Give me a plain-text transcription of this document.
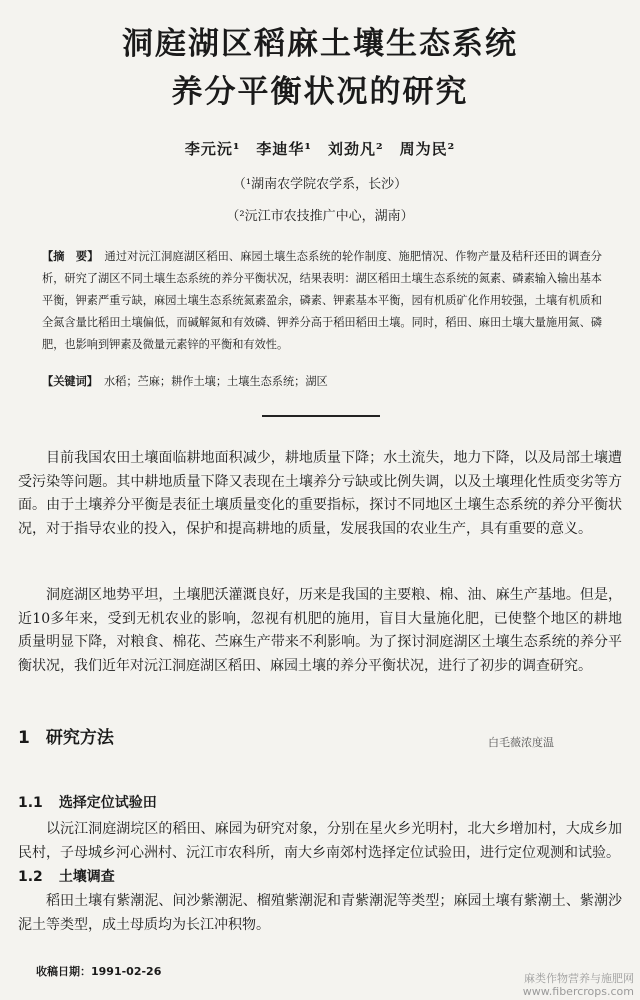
洞庭湖区稻麻土壤生态系统
养分平衡状况的研究
李元沅¹　李迪华¹　刘劲凡²　周为民²
（¹湖南农学院农学系，长沙）
（²沅江市农技推广中心，湖南）
【摘　要】 通过对沅江洞庭湖区稻田、麻园土壤生态系统的轮作制度、施肥情况、作物产量及秸秆还田的调查分析，研究了湖区不同土壤生态系统的养分平衡状况，结果表明：湖区稻田土壤生态系统的氮素、磷素输入输出基本平衡，钾素严重亏缺，麻园土壤生态系统氮素盈余，磷素、钾素基本平衡，园有机质矿化作用较强，土壤有机质和全氮含量比稻田土壤偏低，而碱解氮和有效磷、钾养分高于稻田稻田土壤。同时，稻田、麻田土壤大量施用氮、磷肥，也影响到钾素及微量元素锌的平衡和有效性。
【关键词】 水稻；苎麻；耕作土壤；土壤生态系统；湖区
目前我国农田土壤面临耕地面积减少，耕地质量下降；水土流失，地力下降，以及局部土壤遭受污染等问题。其中耕地质量下降又表现在土壤养分亏缺或比例失调，以及土壤理化性质变劣等方面。由于土壤养分平衡是表征土壤质量变化的重要指标，探讨不同地区土壤生态系统的养分平衡状况，对于指导农业的投入，保护和提高耕地的质量，发展我国的农业生产，具有重要的意义。
洞庭湖区地势平坦，土壤肥沃灌溉良好，历来是我国的主要粮、棉、油、麻生产基地。但是，近10多年来，受到无机农业的影响，忽视有机肥的施用，盲目大量施化肥，已使整个地区的耕地质量明显下降，对粮食、棉花、苎麻生产带来不利影响。为了探讨洞庭湖区土壤生态系统的养分平衡状况，我们近年对沅江洞庭湖区稻田、麻园土壤的养分平衡状况，进行了初步的调查研究。
1 研究方法	白毛薇浓度温
1.1 选择定位试验田
以沅江洞庭湖垸区的稻田、麻园为研究对象，分别在星火乡光明村，北大乡增加村，大成乡加民村，子母城乡河心洲村、沅江市农科所，南大乡南郊村选择定位试验田，进行定位观测和试验。
1.2 土壤调查
稻田土壤有紫潮泥、间沙紫潮泥、榴殖紫潮泥和青紫潮泥等类型；麻园土壤有紫潮土、紫潮沙泥土等类型，成土母质均为长江冲积物。
收稿日期：1991-02-26
麻类作物营养与施肥网
www.fibercrops.com
